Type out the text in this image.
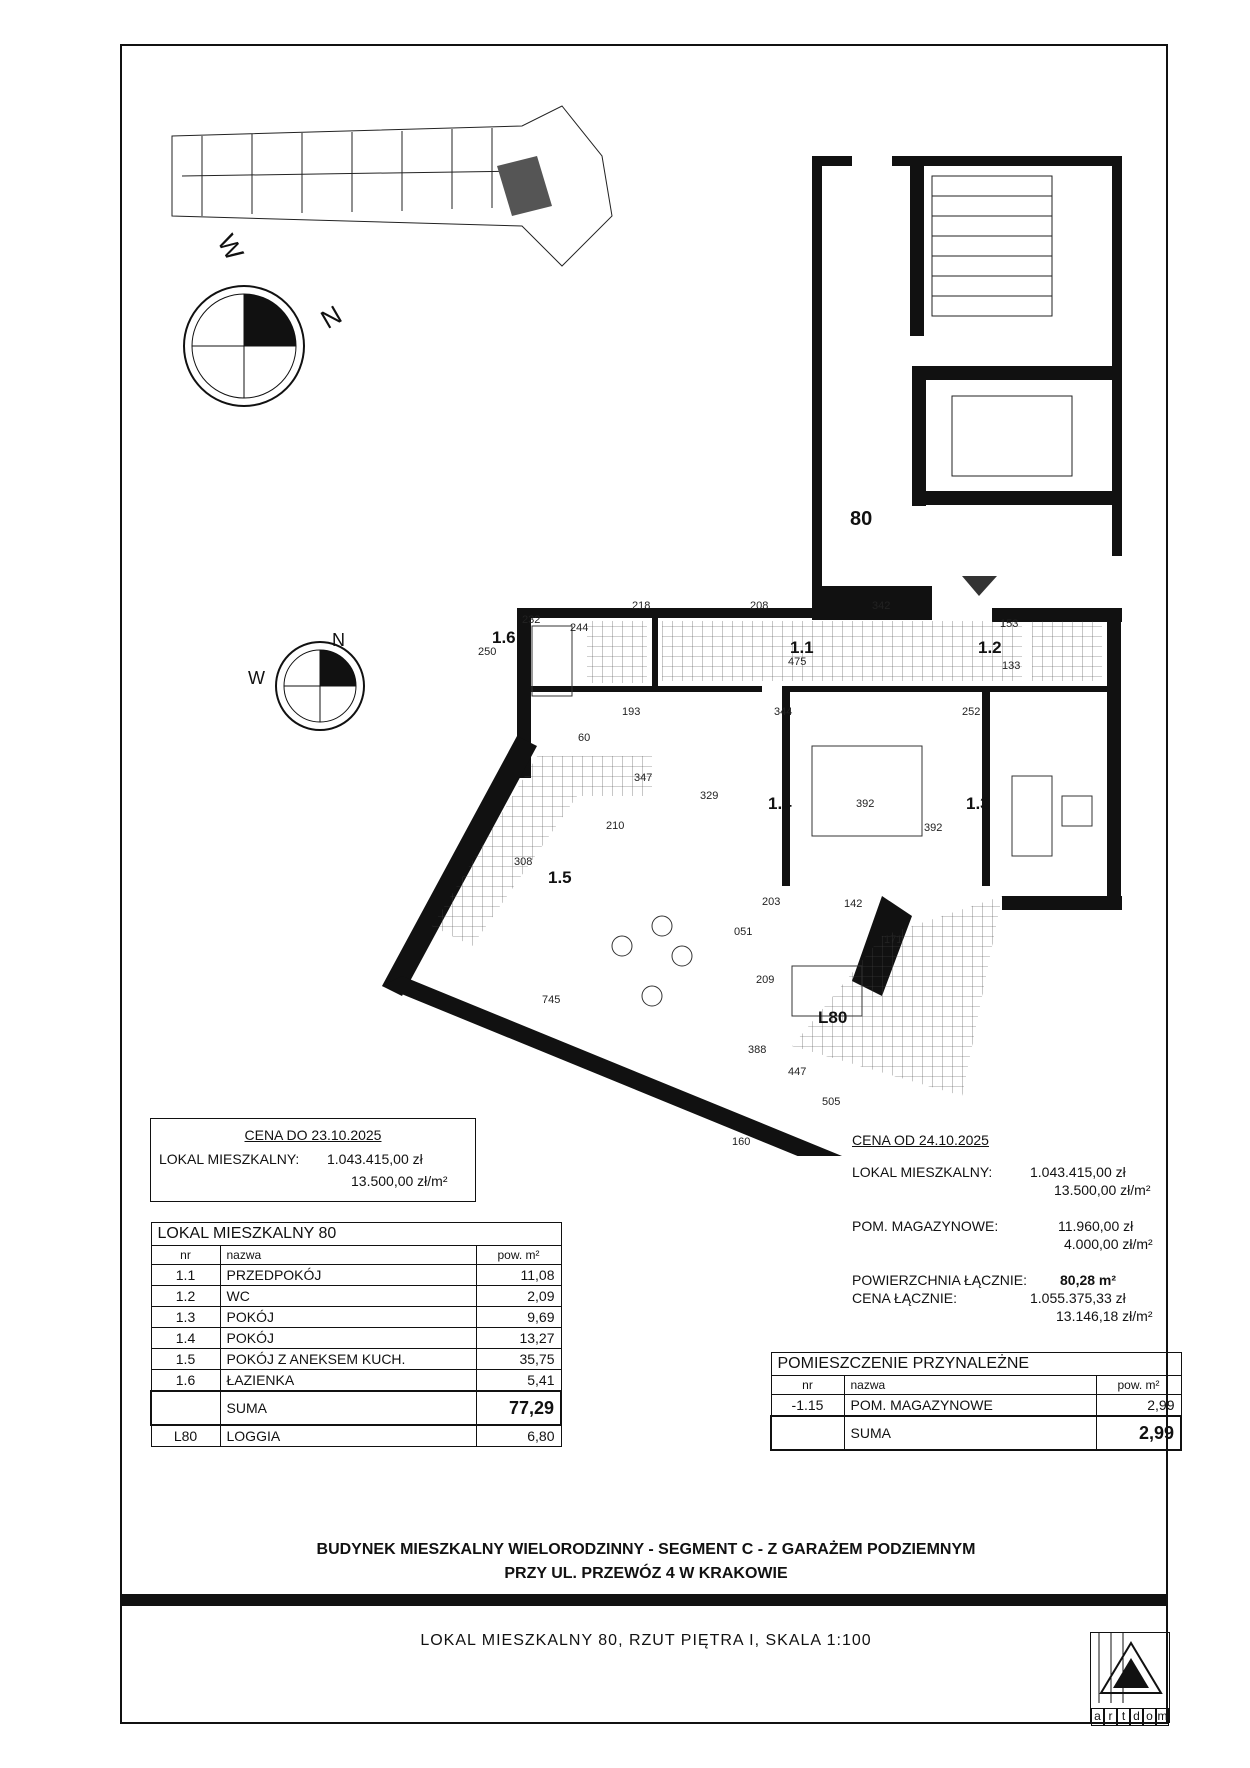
W
N
W
N
80
1.1	1.2
1.3
1.4
1.5
1.6
L80
218	208	342
244
232
250
475
153
133
193
60
344	252
347
329
392
392
210
308
203	142
051
171
209
745
388
447
505
160
CENA DO 23.10.2025
LOKAL MIESZKALNY: 1.043.415,00 zł
13.500,00 zł/m²
LOKAL MIESZKALNY 80		
nr	nazwa	pow. m²
1.1	PRZEDPOKÓJ	11,08
1.2	WC	2,09
1.3	POKÓJ	9,69
1.4	POKÓJ	13,27
1.5	POKÓJ Z ANEKSEM KUCH.	35,75
1.6	ŁAZIENKA	5,41
	SUMA	77,29
L80	LOGGIA	6,80
CENA OD 24.10.2025
LOKAL MIESZKALNY:	1.043.415,00 zł
13.500,00 zł/m²
POM. MAGAZYNOWE:	11.960,00 zł
4.000,00 zł/m²
POWIERZCHNIA ŁĄCZNIE: 80,28 m²
CENA ŁĄCZNIE:	1.055.375,33 zł
13.146,18 zł/m²
POMIESZCZENIE PRZYNALEŻNE		
nr	nazwa	pow. m²
-1.15	POM. MAGAZYNOWE	2,99
	SUMA	2,99
BUDYNEK MIESZKALNY WIELORODZINNY - SEGMENT C - Z GARAŻEM PODZIEMNYM
PRZY UL. PRZEWÓZ 4 W KRAKOWIE
LOKAL MIESZKALNY 80, RZUT PIĘTRA I, SKALA 1:100
a r t d o m
